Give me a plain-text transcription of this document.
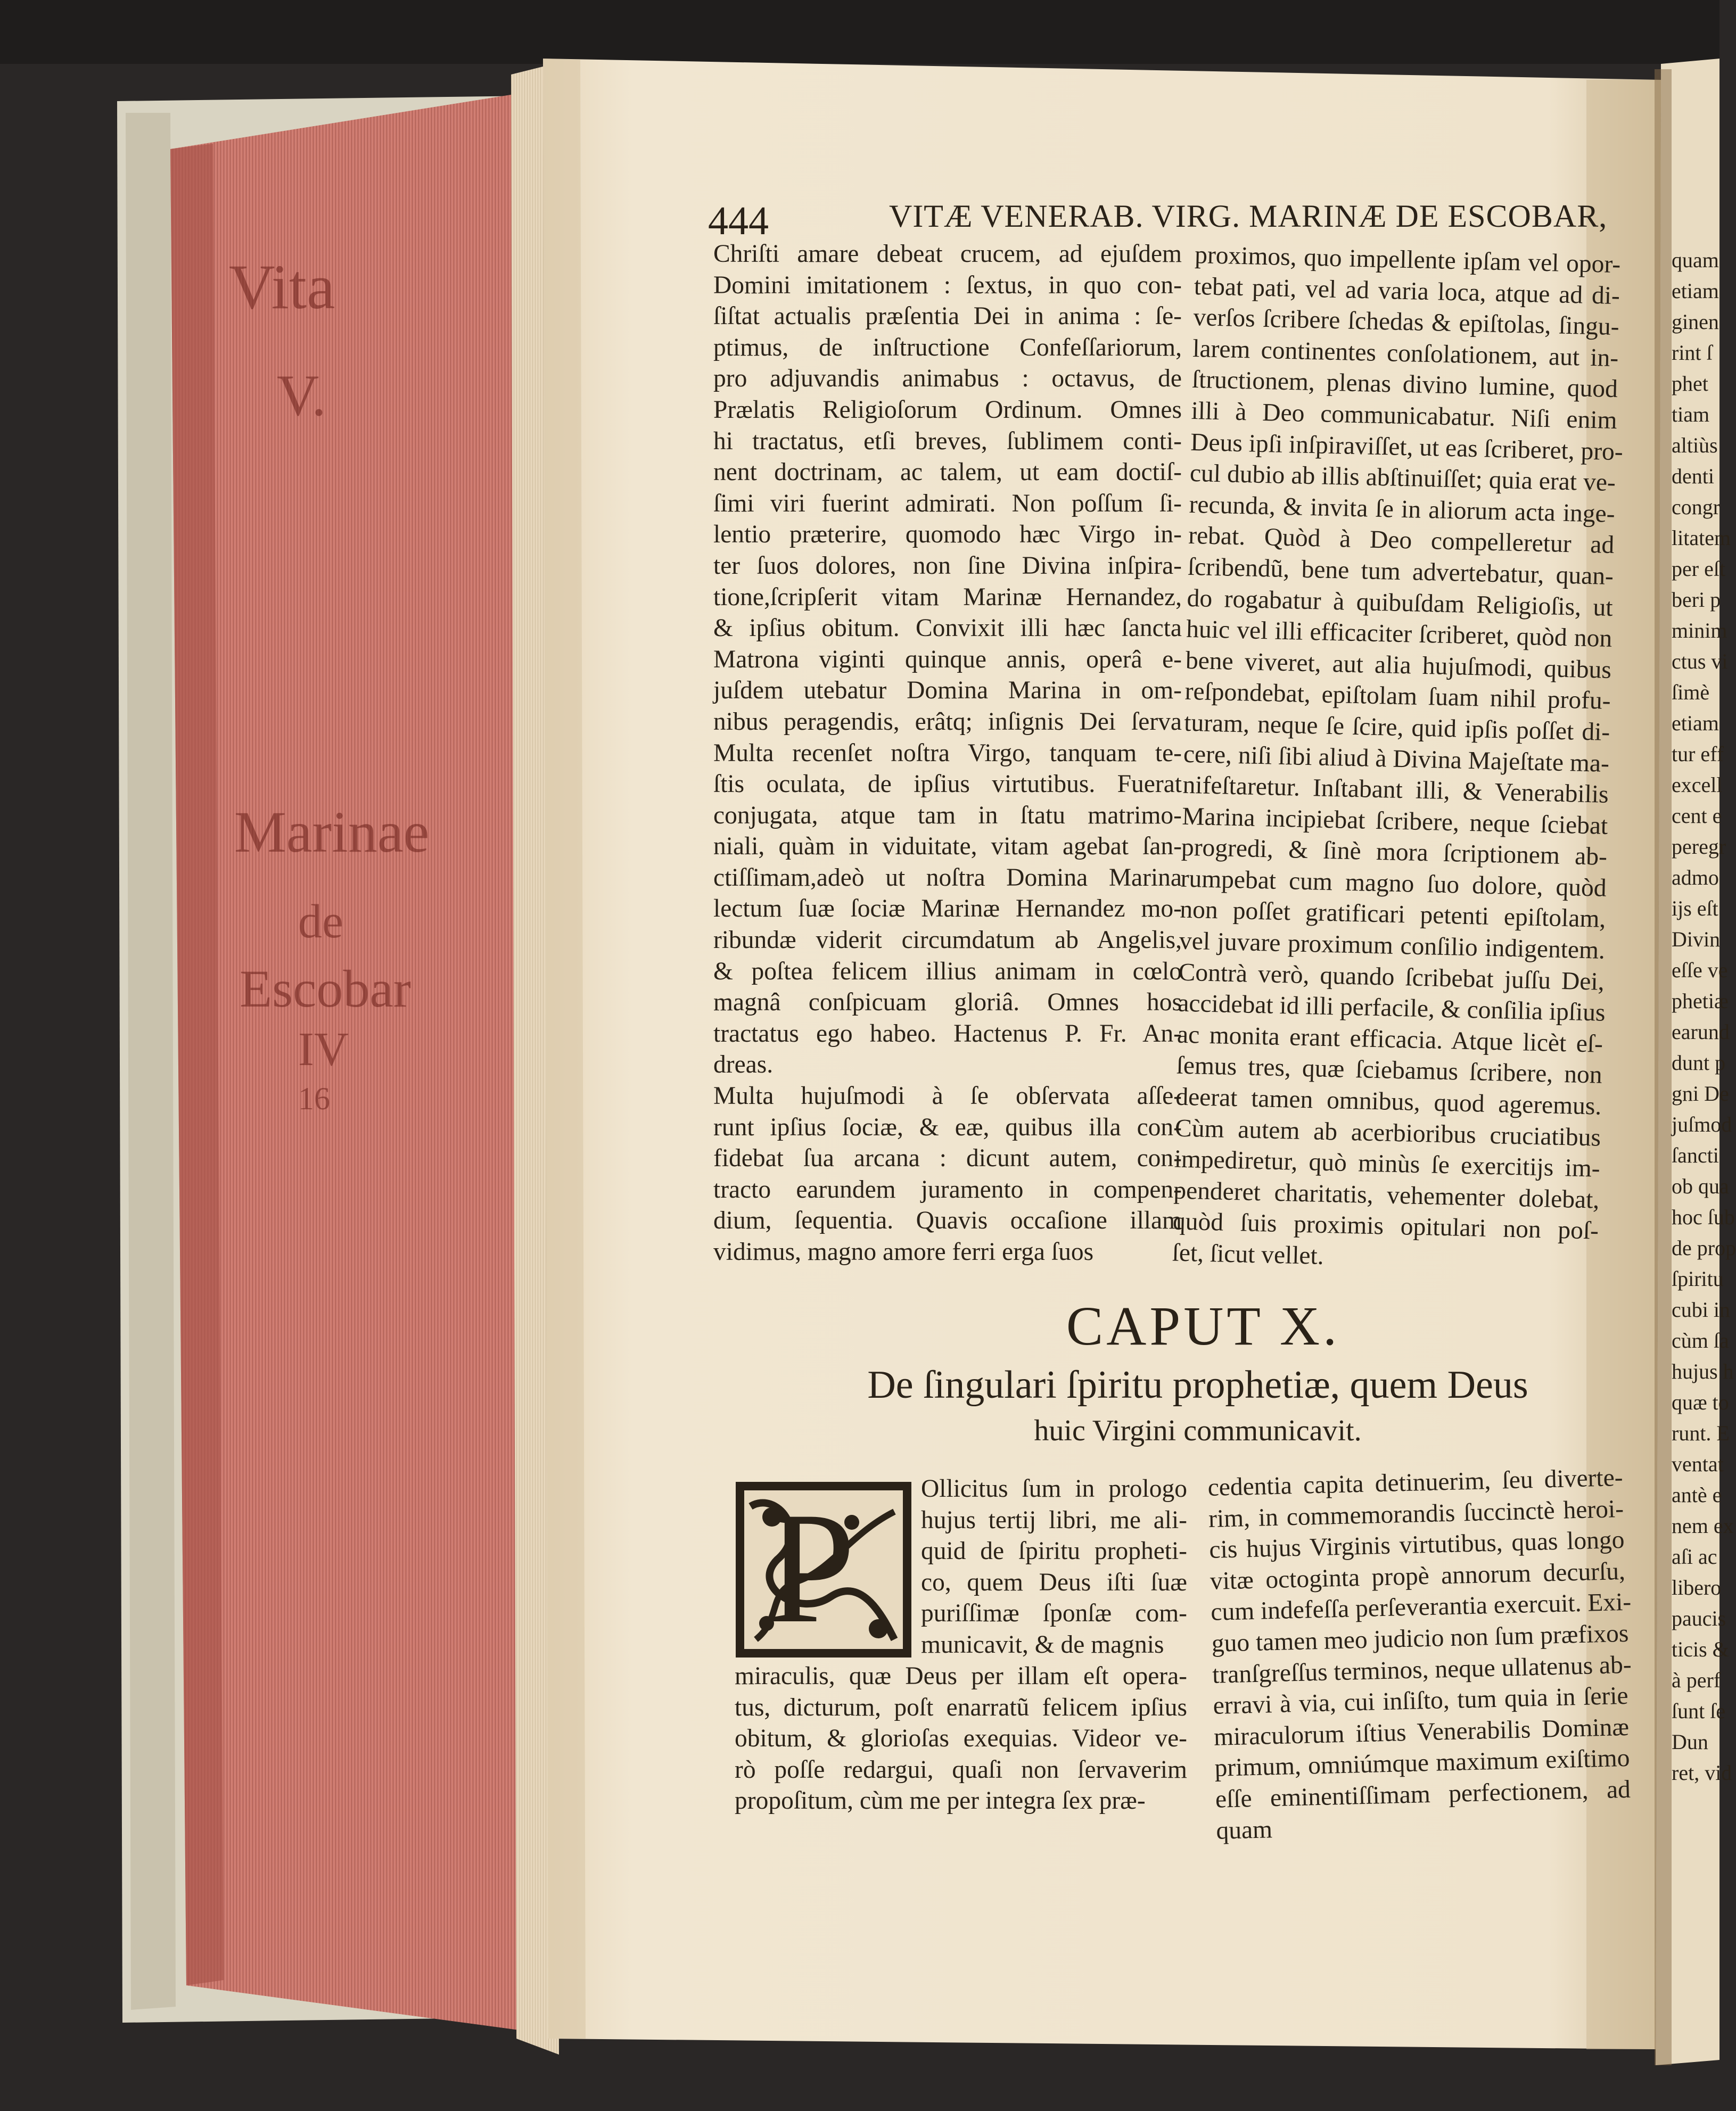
Vita
V.
Marinae
de
Escobar
IV
16
444	VITÆ VENERAB. VIRG. MARINÆ DE ESCOBAR,
Chriſti amare debeat crucem, ad ejuſdem
Domini imitationem : ſextus, in quo con-
ſiſtat actualis præſentia Dei in anima : ſe-
ptimus, de inſtructione Confeſſariorum,
pro adjuvandis animabus : octavus, de
Prælatis Religioſorum Ordinum. Omnes
hi tractatus, etſi breves, ſublimem conti-
nent doctrinam, ac talem, ut eam doctiſ-
ſimi viri fuerint admirati. Non poſſum ſi-
lentio præterire, quomodo hæc Virgo in-
ter ſuos dolores, non ſine Divina inſpira-
tione,ſcripſerit vitam Marinæ Hernandez,
& ipſius obitum. Convixit illi hæc ſancta
Matrona viginti quinque annis, operâ e-
juſdem utebatur Domina Marina in om-
nibus peragendis, erâtq; inſignis Dei ſerva
Multa recenſet noſtra Virgo, tanquam te-
ſtis oculata, de ipſius virtutibus. Fuerat
conjugata, atque tam in ſtatu matrimo-
niali, quàm in viduitate, vitam agebat ſan-
ctiſſimam,adeò ut noſtra Domina Marina
lectum ſuæ ſociæ Marinæ Hernandez mo-
ribundæ viderit circumdatum ab Angelis,
& poſtea felicem illius animam in cœlo
magnâ conſpicuam gloriâ. Omnes hos
tractatus ego habeo. Hactenus P. Fr. An-
dreas.
Multa hujuſmodi à ſe obſervata aſſe-
runt ipſius ſociæ, & eæ, quibus illa con-
fidebat ſua arcana : dicunt autem, con-
tracto earundem juramento in compen-
dium, ſequentia. Quavis occaſione illam
vidimus, magno amore ferri erga ſuos
proximos, quo impellente ipſam vel opor-
tebat pati, vel ad varia loca, atque ad di-
verſos ſcribere ſchedas & epiſtolas, ſingu-
larem continentes conſolationem, aut in-
ſtructionem, plenas divino lumine, quod
illi à Deo communicabatur. Niſi enim
Deus ipſi inſpiraviſſet, ut eas ſcriberet, pro-
cul dubio ab illis abſtinuiſſet; quia erat ve-
recunda, & invita ſe in aliorum acta inge-
rebat. Quòd à Deo compelleretur ad
ſcribendũ, bene tum advertebatur, quan-
do rogabatur à quibuſdam Religioſis, ut
huic vel illi efficaciter ſcriberet, quòd non
bene viveret, aut alia hujuſmodi, quibus
reſpondebat, epiſtolam ſuam nihil profu-
turam, neque ſe ſcire, quid ipſis poſſet di-
cere, niſi ſibi aliud à Divina Majeſtate ma-
nifeſtaretur. Inſtabant illi, & Venerabilis
Marina incipiebat ſcribere, neque ſciebat
progredi, & ſinè mora ſcriptionem ab-
rumpebat cum magno ſuo dolore, quòd
non poſſet gratificari petenti epiſtolam,
vel juvare proximum conſilio indigentem.
Contrà verò, quando ſcribebat juſſu Dei,
accidebat id illi perfacile, & conſilia ipſius
ac monita erant efficacia. Atque licèt eſ-
ſemus tres, quæ ſciebamus ſcribere, non
deerat tamen omnibus, quod ageremus.
Cùm autem ab acerbioribus cruciatibus
impediretur, quò minùs ſe exercitijs im-
penderet charitatis, vehementer dolebat,
quòd ſuis proximis opitulari non poſ-
ſet, ſicut vellet.
CAPUT X.
De ſingulari ſpiritu prophetiæ, quem Deus
huic Virgini communicavit.
P	Ollicitus ſum in prologo
hujus tertij libri, me ali-
quid de ſpiritu propheti-
co, quem Deus iſti ſuæ
puriſſimæ ſponſæ com-
municavit, & de magnis
miraculis, quæ Deus per illam eſt opera-
tus, dicturum, poſt enarratũ felicem ipſius
obitum, & glorioſas exequias. Videor ve-
rò poſſe redargui, quaſi non ſervaverim
propoſitum, cùm me per integra ſex præ-
cedentia capita detinuerim, ſeu diverte-
rim, in commemorandis ſuccinctè heroi-
cis hujus Virginis virtutibus, quas longo
vitæ octoginta propè annorum decurſu,
cum indefeſſa perſeverantia exercuit. Exi-
guo tamen meo judicio non ſum præfixos
tranſgreſſus terminos, neque ullatenus ab-
erravi à via, cui inſiſto, tum quia in ſerie
miraculorum iſtius Venerabilis Dominæ
primum, omniúmque maximum exiſtimo
eſſe eminentiſſimam perfectionem, ad
quam
quam
etiam
ginen
rint ſ
phet
tiam
altiùs
denti
congr
litatem
per eſt
beri p
minim
ctus vi
ſimè
etiam
tur eff
excell
cent e
peregr
admo
ijs eſt
Divin
eſſe ve
phetiæ
earund
dunt p
gni De
juſmod
ſancti
ob qua
hoc ſub
de prop
ſpiritu
cubi in
cùm ſa
hujus h
quæ to
runt. E
ventat
antè e
nem ex
aſi ac
libero
paucis
ticis &
à perf
ſunt ſe
Dun
ret, vid
